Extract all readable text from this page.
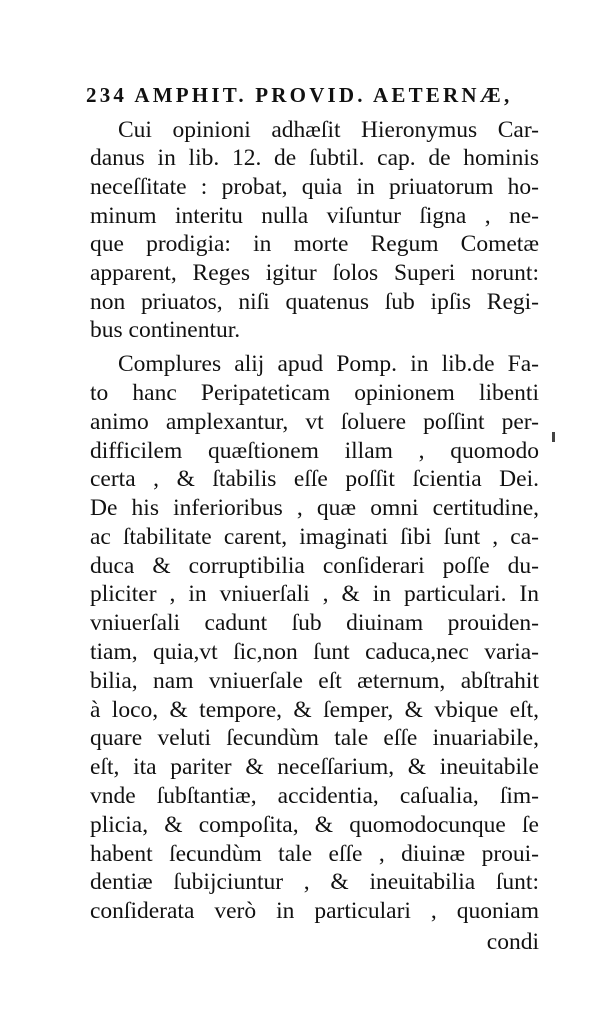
234 AMPHIT. PROVID. AETERNÆ,
Cui opinioni adhæſit Hieronymus Car-
danus in lib. 12. de ſubtil. cap. de hominis
neceſſitate : probat, quia in priuatorum ho-
minum interitu nulla viſuntur ſigna , ne-
que prodigia: in morte Regum Cometæ
apparent, Reges igitur ſolos Superi norunt:
non priuatos, niſi quatenus ſub ipſis Regi-
bus continentur.
Complures alij apud Pomp. in lib.de Fa-
to hanc Peripateticam opinionem libenti
animo amplexantur, vt ſoluere poſſint per-
difficilem quæſtionem illam , quomodo
certa , & ſtabilis eſſe poſſit ſcientia Dei.
De his inferioribus , quæ omni certitudine,
ac ſtabilitate carent, imaginati ſibi ſunt , ca-
duca & corruptibilia conſiderari poſſe du-
pliciter , in vniuerſali , & in particulari. In
vniuerſali cadunt ſub diuinam prouiden-
tiam, quia,vt ſic,non ſunt caduca,nec varia-
bilia, nam vniuerſale eſt æternum, abſtrahit
à loco, & tempore, & ſemper, & vbique eſt,
quare veluti ſecundùm tale eſſe inuariabile,
eſt, ita pariter & neceſſarium, & ineuitabile
vnde ſubſtantiæ, accidentia, caſualia, ſim-
plicia, & compoſita, & quomodocunque ſe
habent ſecundùm tale eſſe , diuinæ proui-
dentiæ ſubijciuntur , & ineuitabilia ſunt:
conſiderata verò in particulari , quoniam
condi
